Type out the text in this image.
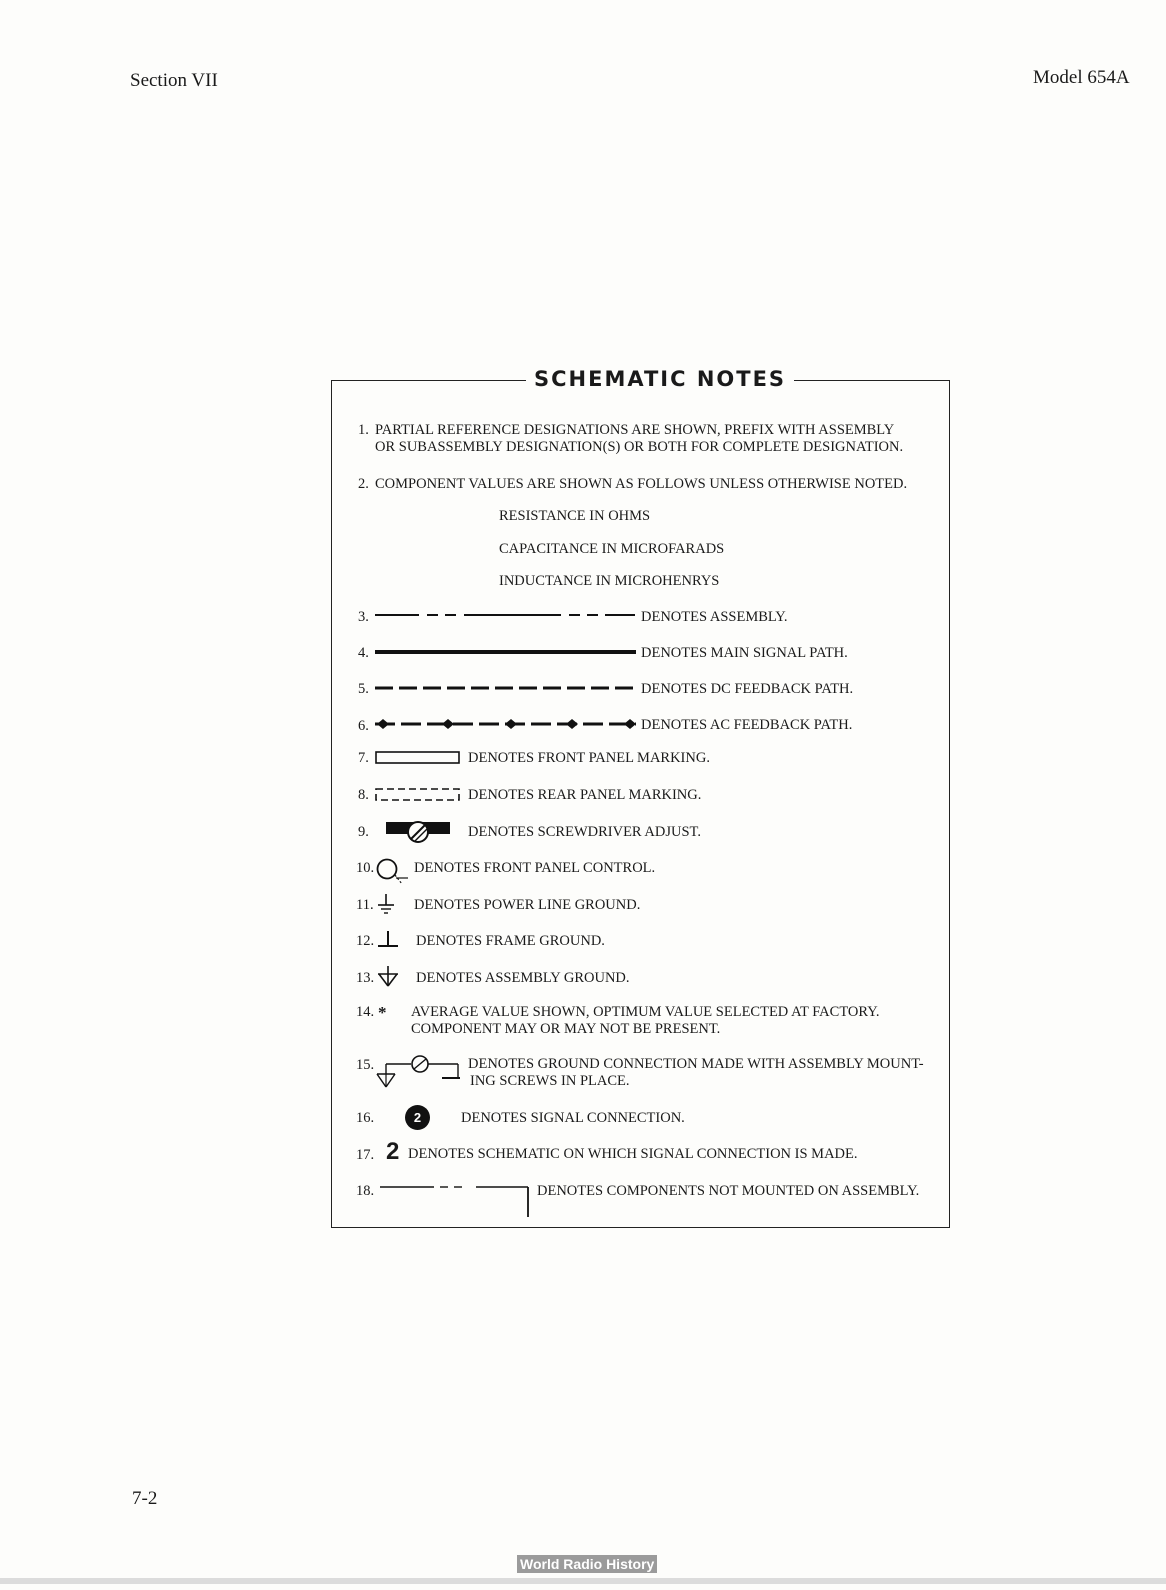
Section VII	Model 654A
SCHEMATIC NOTES
1. PARTIAL REFERENCE DESIGNATIONS ARE SHOWN, PREFIX WITH ASSEMBLY
OR SUBASSEMBLY DESIGNATION(S) OR BOTH FOR COMPLETE DESIGNATION.
2. COMPONENT VALUES ARE SHOWN AS FOLLOWS UNLESS OTHERWISE NOTED.
RESISTANCE IN OHMS
CAPACITANCE IN MICROFARADS
INDUCTANCE IN MICROHENRYS
3.	DENOTES ASSEMBLY.
4.	DENOTES MAIN SIGNAL PATH.
5.	DENOTES DC FEEDBACK PATH.
6.	DENOTES AC FEEDBACK PATH.
7.	DENOTES FRONT PANEL MARKING.
8.	DENOTES REAR PANEL MARKING.
9.	DENOTES SCREWDRIVER ADJUST.
10.	DENOTES FRONT PANEL CONTROL.
11.	DENOTES POWER LINE GROUND.
12.	DENOTES FRAME GROUND.
13.	DENOTES ASSEMBLY GROUND.
14. * AVERAGE VALUE SHOWN, OPTIMUM VALUE SELECTED AT FACTORY.
COMPONENT MAY OR MAY NOT BE PRESENT.
15.	DENOTES GROUND CONNECTION MADE WITH ASSEMBLY MOUNT-
ING SCREWS IN PLACE.
16.	2	DENOTES SIGNAL CONNECTION.
17. 2 DENOTES SCHEMATIC ON WHICH SIGNAL CONNECTION IS MADE.
18.	DENOTES COMPONENTS NOT MOUNTED ON ASSEMBLY.
7-2
World Radio History
